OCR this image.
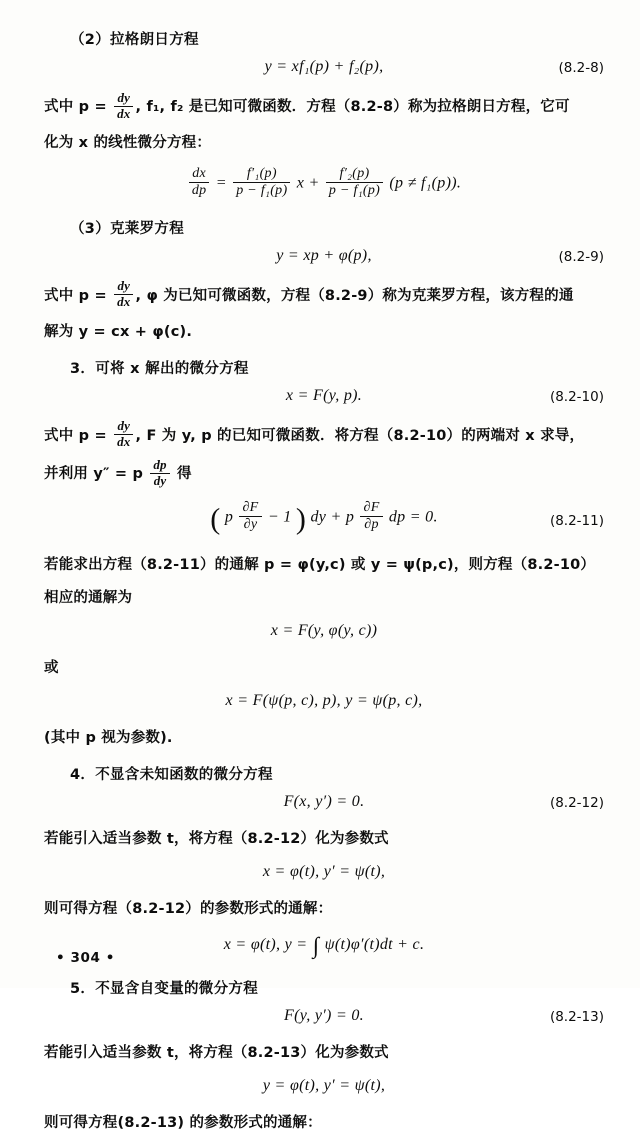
（2）拉格朗日方程
y = xf₁(p) + f₂(p),	(8.2-8)
式中 $p = \frac{dy}{dx}$ , f₁, f₂ 是已知可微函数．方程（8.2-8）称为拉格朗日方程，它可
化为 x 的线性微分方程：
$\frac{dx}{dp} = \frac{\text{f′₁(p)}}{\text{p − f₁(p)}}$ $x + \frac{\text{f′₂(p)}}{\text{p − f₁(p)}} (p \ne f_1(p))$.
（3）克莱罗方程
y = xp + φ(p),	(8.2-9)
式中 $p = \frac{dy}{dx}$ , φ 为已知可微函数，方程（8.2-9）称为克莱罗方程，该方程的通
解为 y = cx + φ(c).
3．可将 x 解出的微分方程
x = F(y, p).	(8.2-10)
式中 $p = \frac{dy}{dx}$ , F 为 y, p 的已知可微函数．将方程（8.2-10）的两端对 x 求导，
并利用 y″ = p $\frac{dp}{dy}$ 得
( p $\frac{\partial F}{\partial y} - 1$ ) dy + p $\frac{\partial F}{\partial p}$ dp = 0.	(8.2-11)
若能求出方程（8.2-11）的通解 p = φ(y,c) 或 y = ψ(p,c)，则方程（8.2-10）
相应的通解为
x = F(y, φ(y, c))
或
x = F(ψ(p, c), p), y = ψ(p, c),
(其中 p 视为参数).
4．不显含未知函数的微分方程
F(x, y′) = 0.	(8.2-12)
若能引入适当参数 t，将方程（8.2-12）化为参数式
x = φ(t), y′ = ψ(t),
则可得方程（8.2-12）的参数形式的通解：
x = φ(t), y = ∫ ψ(t)φ′(t)dt + c.
5．不显含自变量的微分方程
F(y, y′) = 0.	(8.2-13)
若能引入适当参数 t，将方程（8.2-13）化为参数式
y = φ(t), y′ = ψ(t),
则可得方程(8.2-13) 的参数形式的通解：
• 304 •
